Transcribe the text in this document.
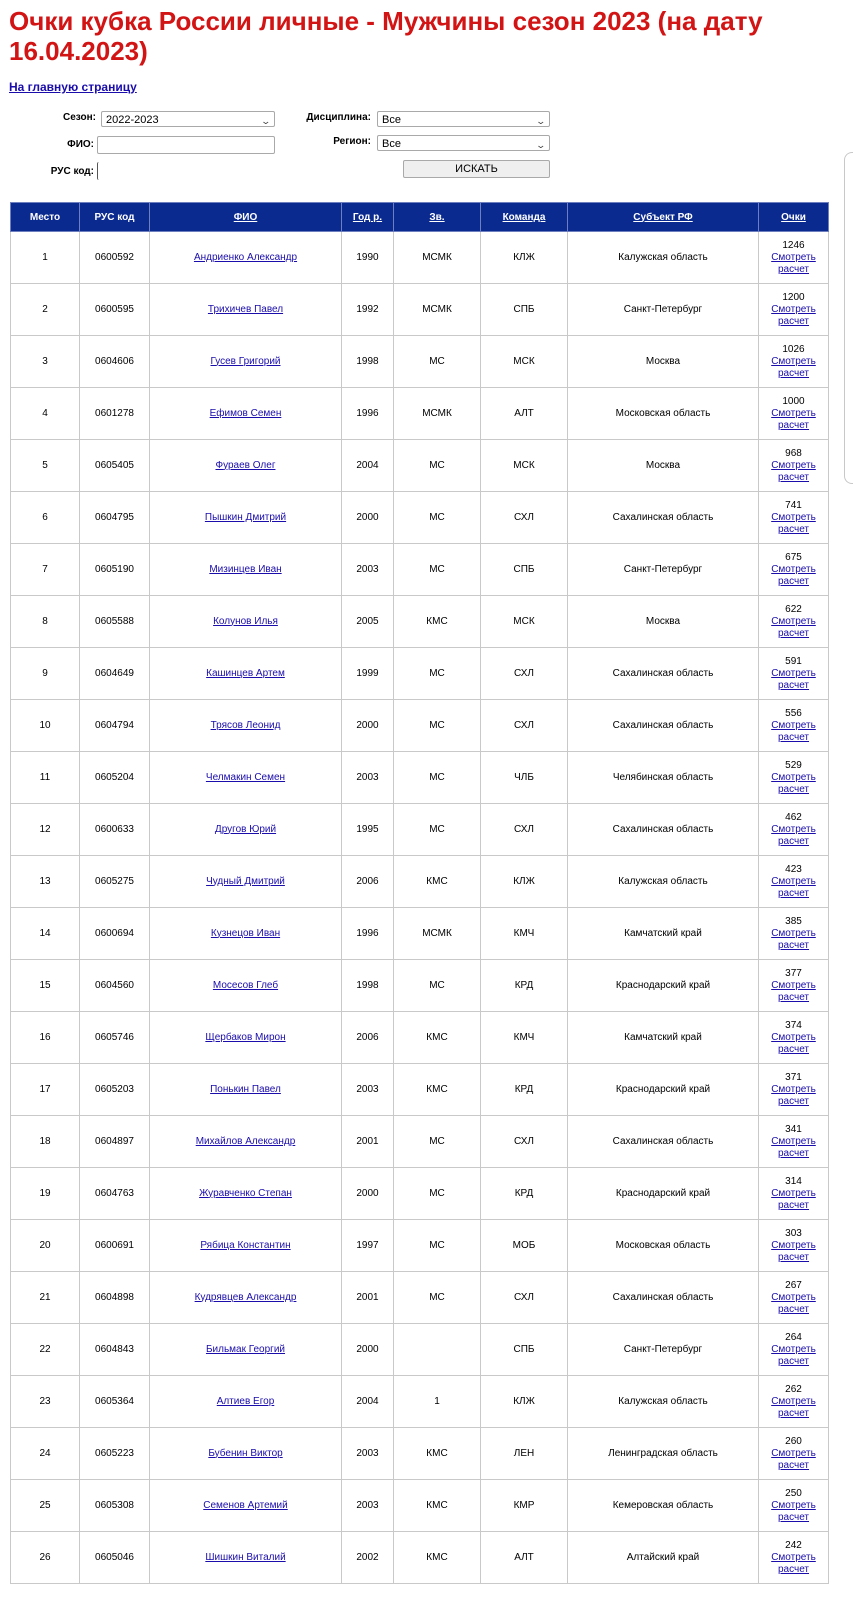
Очки кубка России личные - Мужчины сезон 2023 (на дату 16.04.2023)
На главную страницу
Сезон: 2022-2023	⌄	Дисциплина:	Все	⌄
ФИО:	Регион:	Все	⌄
РУС код:	ИСКАТЬ
Место	РУС код	ФИО	Год р.	Зв.	Команда	Субъект РФ	Очки
1	0600592	Андриенко Александр	1990	МСМК	КЛЖ	Калужская область	1246
Смотреть
расчет

2	0600595	Трихичев Павел	1992	МСМК	СПБ	Санкт-Петербург	1200
Смотреть
расчет

3	0604606	Гусев Григорий	1998	МС	МСК	Москва	1026
Смотреть
расчет

4	0601278	Ефимов Семен	1996	МСМК	АЛТ	Московская область	1000
Смотреть
расчет

5	0605405	Фураев Олег	2004	МС	МСК	Москва	968
Смотреть
расчет

6	0604795	Пышкин Дмитрий	2000	МС	СХЛ	Сахалинская область	741
Смотреть
расчет

7	0605190	Мизинцев Иван	2003	МС	СПБ	Санкт-Петербург	675
Смотреть
расчет

8	0605588	Колунов Илья	2005	КМС	МСК	Москва	622
Смотреть
расчет

9	0604649	Кашинцев Артем	1999	МС	СХЛ	Сахалинская область	591
Смотреть
расчет

10	0604794	Трясов Леонид	2000	МС	СХЛ	Сахалинская область	556
Смотреть
расчет

11	0605204	Челмакин Семен	2003	МС	ЧЛБ	Челябинская область	529
Смотреть
расчет

12	0600633	Другов Юрий	1995	МС	СХЛ	Сахалинская область	462
Смотреть
расчет

13	0605275	Чудный Дмитрий	2006	КМС	КЛЖ	Калужская область	423
Смотреть
расчет

14	0600694	Кузнецов Иван	1996	МСМК	КМЧ	Камчатский край	385
Смотреть
расчет

15	0604560	Мосесов Глеб	1998	МС	КРД	Краснодарский край	377
Смотреть
расчет

16	0605746	Щербаков Мирон	2006	КМС	КМЧ	Камчатский край	374
Смотреть
расчет

17	0605203	Понькин Павел	2003	КМС	КРД	Краснодарский край	371
Смотреть
расчет

18	0604897	Михайлов Александр	2001	МС	СХЛ	Сахалинская область	341
Смотреть
расчет

19	0604763	Журавченко Степан	2000	МС	КРД	Краснодарский край	314
Смотреть
расчет

20	0600691	Рябица Константин	1997	МС	МОБ	Московская область	303
Смотреть
расчет

21	0604898	Кудрявцев Александр	2001	МС	СХЛ	Сахалинская область	267
Смотреть
расчет

22	0604843	Бильмак Георгий	2000		СПБ	Санкт-Петербург	264
Смотреть
расчет

23	0605364	Алтиев Егор	2004	1	КЛЖ	Калужская область	262
Смотреть
расчет

24	0605223	Бубенин Виктор	2003	КМС	ЛЕН	Ленинградская область	260
Смотреть
расчет

25	0605308	Семенов Артемий	2003	КМС	КМР	Кемеровская область	250
Смотреть
расчет

26	0605046	Шишкин Виталий	2002	КМС	АЛТ	Алтайский край	242
Смотреть
расчет
